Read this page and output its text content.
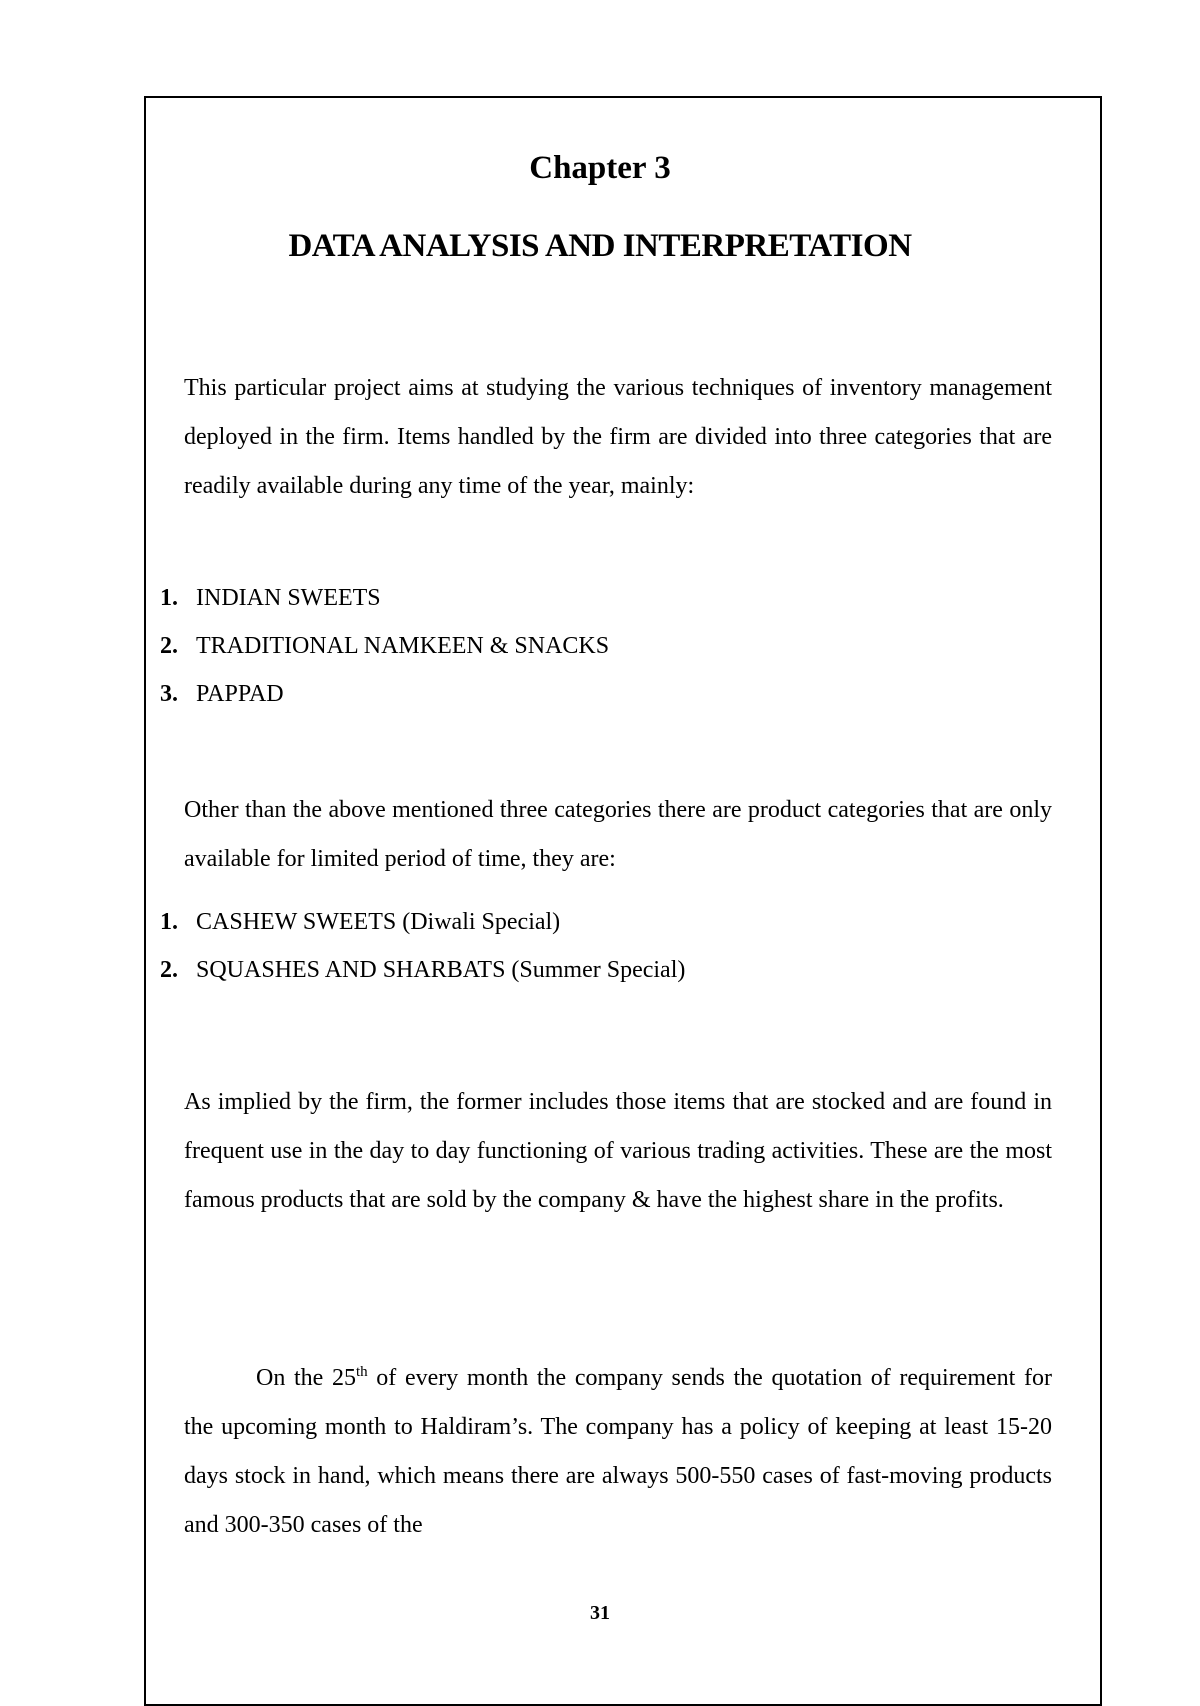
Chapter 3
DATA ANALYSIS AND INTERPRETATION

This particular project aims at studying the various techniques of inventory management deployed in the firm. Items handled by the firm are divided into three categories that are readily available during any time of the year, mainly:

1. INDIAN SWEETS
2. TRADITIONAL NAMKEEN & SNACKS
3. PAPPAD

Other than the above mentioned three categories there are product categories that are only available for limited period of time, they are:

1. CASHEW SWEETS (Diwali Special)
2. SQUASHES AND SHARBATS (Summer Special)

As implied by the firm, the former includes those items that are stocked and are found in frequent use in the day to day functioning of various trading activities. These are the most famous products that are sold by the company & have the highest share in the profits.

On the 25th of every month the company sends the quotation of requirement for the upcoming month to Haldiram’s. The company has a policy of keeping at least 15-20 days stock in hand, which means there are always 500-550 cases of fast-moving products and 300-350 cases of the

31
